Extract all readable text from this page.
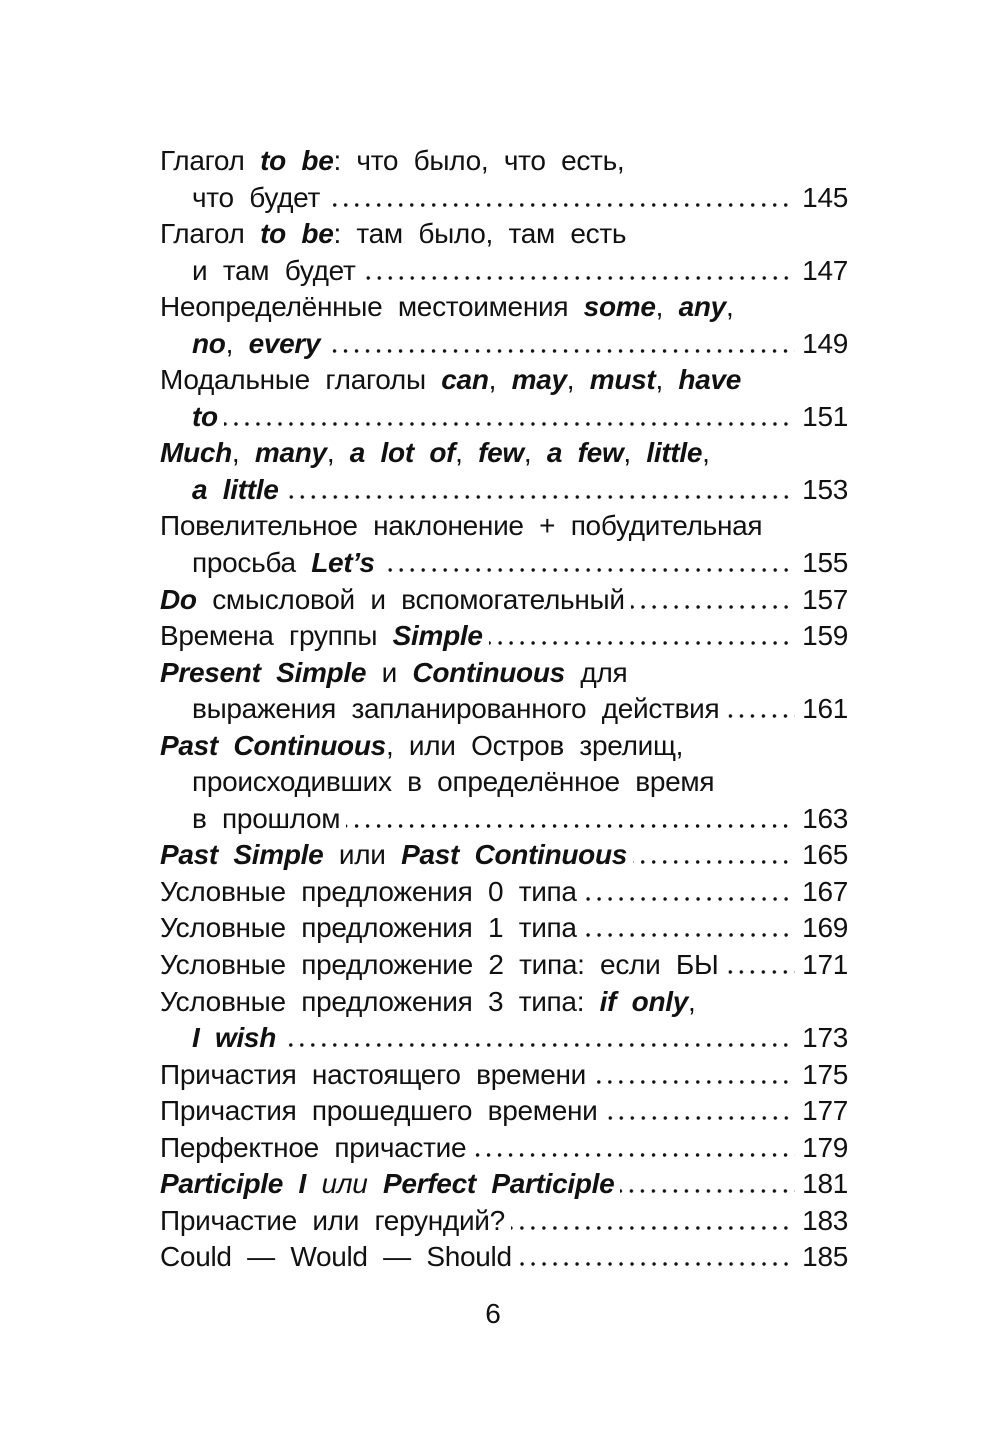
Глагол to be: что было, что есть,
что будет	145
Глагол to be: там было, там есть
и там будет	147
Неопределённые местоимения some, any,
no, every	149
Модальные глаголы can, may, must, have
to	151
Much, many, a lot of, few, a few, little,
a little	153
Повелительное наклонение + побудительная
просьба Let’s	155
Do смысловой и вспомогательный	157
Времена группы Simple	159
Present Simple и Continuous для
выражения запланированного действия	161
Past Continuous, или Остров зрелищ,
происходивших в определённое время
в прошлом	163
Past Simple или Past Continuous	165
Условные предложения 0 типа	167
Условные предложения 1 типа	169
Условные предложение 2 типа: если БЫ	171
Условные предложения 3 типа: if only,
I wish	173
Причастия настоящего времени	175
Причастия прошедшего времени	177
Перфектное причастие	179
Participle I или Perfect Participle	181
Причастие или герундий?	183
Could — Would — Should	185
6
